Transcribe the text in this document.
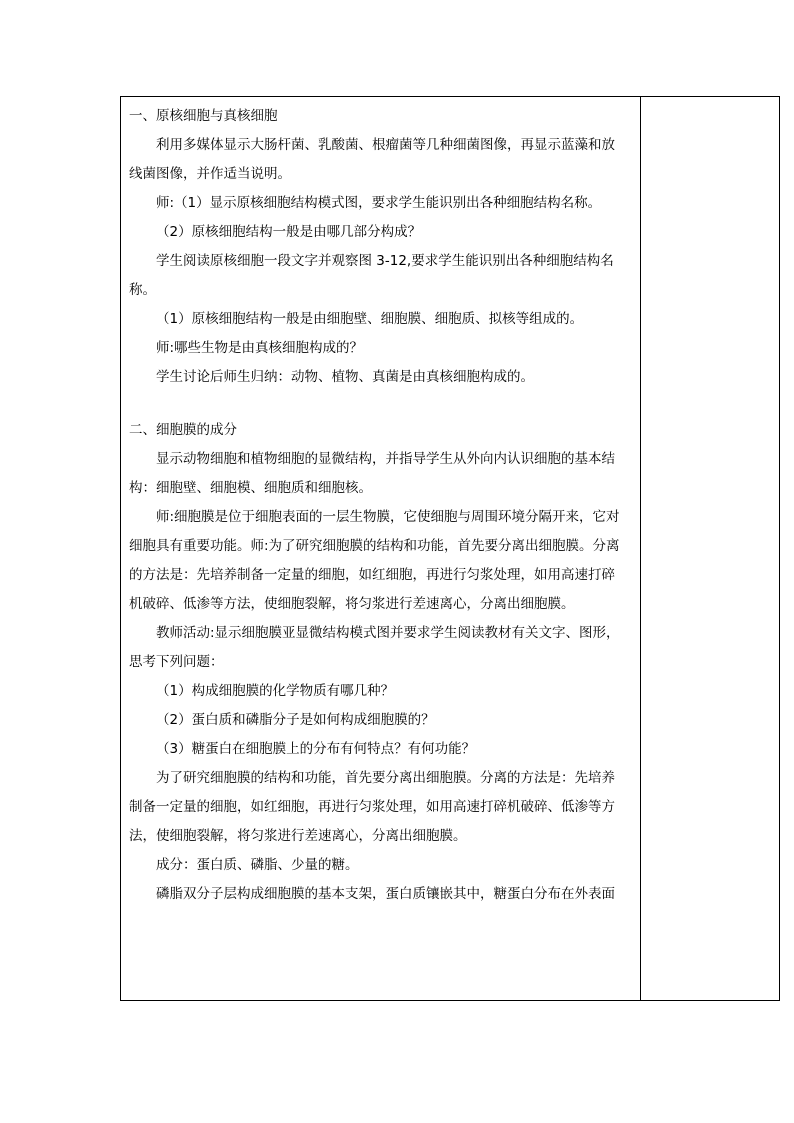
一、原核细胞与真核细胞
利用多媒体显示大肠杆菌、乳酸菌、根瘤菌等几种细菌图像，再显示蓝藻和放
线菌图像，并作适当说明。
师:（1）显示原核细胞结构模式图，要求学生能识别出各种细胞结构名称。
（2）原核细胞结构一般是由哪几部分构成？
学生阅读原核细胞一段文字并观察图 3-12,要求学生能识别出各种细胞结构名
称。
（1）原核细胞结构一般是由细胞壁、细胞膜、细胞质、拟核等组成的。
师:哪些生物是由真核细胞构成的？
学生讨论后师生归纳：动物、植物、真菌是由真核细胞构成的。
二、细胞膜的成分
显示动物细胞和植物细胞的显微结构，并指导学生从外向内认识细胞的基本结
构：细胞壁、细胞模、细胞质和细胞核。
师:细胞膜是位于细胞表面的一层生物膜，它使细胞与周围环境分隔开来，它对
细胞具有重要功能。师:为了研究细胞膜的结构和功能，首先要分离出细胞膜。分离
的方法是：先培养制备一定量的细胞，如红细胞，再进行匀浆处理，如用高速打碎
机破碎、低渗等方法，使细胞裂解，将匀浆进行差速离心，分离出细胞膜。
教师活动:显示细胞膜亚显微结构模式图并要求学生阅读教材有关文字、图形，
思考下列问题：
（1）构成细胞膜的化学物质有哪几种？
（2）蛋白质和磷脂分子是如何构成细胞膜的？
（3）糖蛋白在细胞膜上的分布有何特点？有何功能？
为了研究细胞膜的结构和功能，首先要分离出细胞膜。分离的方法是：先培养
制备一定量的细胞，如红细胞，再进行匀浆处理，如用高速打碎机破碎、低渗等方
法，使细胞裂解，将匀浆进行差速离心，分离出细胞膜。
成分：蛋白质、磷脂、少量的糖。
磷脂双分子层构成细胞膜的基本支架，蛋白质镶嵌其中，糖蛋白分布在外表面
